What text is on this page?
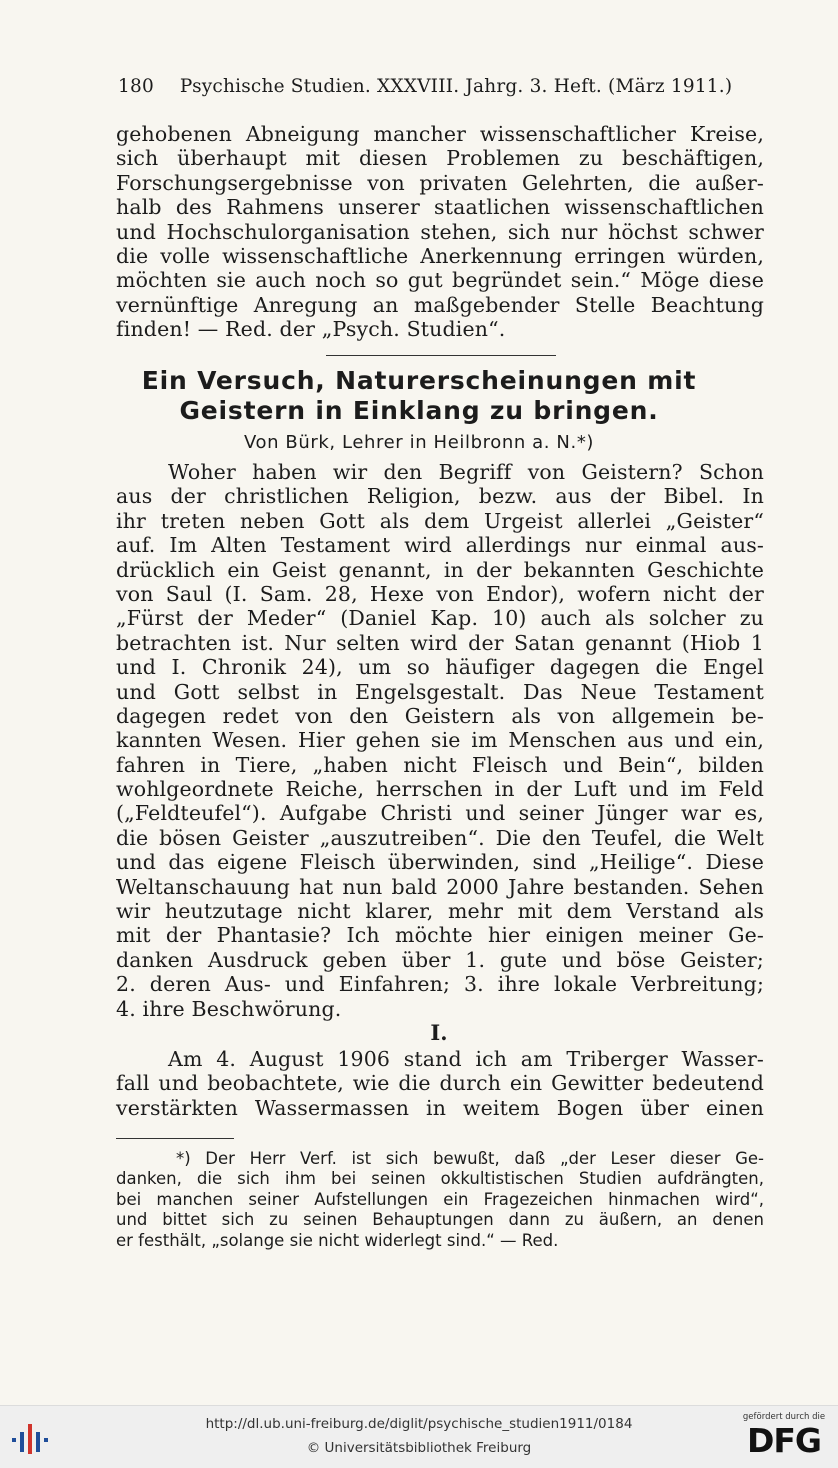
180 Psychische Studien. XXXVIII. Jahrg. 3. Heft. (März 1911.)
gehobenen Abneigung mancher wissenschaftlicher Kreise,
sich überhaupt mit diesen Problemen zu beschäftigen,
Forschungsergebnisse von privaten Gelehrten, die außer-
halb des Rahmens unserer staatlichen wissenschaftlichen
und Hochschulorganisation stehen, sich nur höchst schwer
die volle wissenschaftliche Anerkennung erringen würden,
möchten sie auch noch so gut begründet sein.“ Möge diese
vernünftige Anregung an maßgebender Stelle Beachtung
finden! — Red. der „Psych. Studien“.
Ein Versuch, Naturerscheinungen mit
Geistern in Einklang zu bringen.
Von Bürk, Lehrer in Heilbronn a. N.*)
Woher haben wir den Begriff von Geistern? Schon
aus der christlichen Religion, bezw. aus der Bibel. In
ihr treten neben Gott als dem Urgeist allerlei „Geister“
auf. Im Alten Testament wird allerdings nur einmal aus-
drücklich ein Geist genannt, in der bekannten Geschichte
von Saul (I. Sam. 28, Hexe von Endor), wofern nicht der
„Fürst der Meder“ (Daniel Kap. 10) auch als solcher zu
betrachten ist. Nur selten wird der Satan genannt (Hiob 1
und I. Chronik 24), um so häufiger dagegen die Engel
und Gott selbst in Engelsgestalt. Das Neue Testament
dagegen redet von den Geistern als von allgemein be-
kannten Wesen. Hier gehen sie im Menschen aus und ein,
fahren in Tiere, „haben nicht Fleisch und Bein“, bilden
wohlgeordnete Reiche, herrschen in der Luft und im Feld
(„Feldteufel“). Aufgabe Christi und seiner Jünger war es,
die bösen Geister „auszutreiben“. Die den Teufel, die Welt
und das eigene Fleisch überwinden, sind „Heilige“. Diese
Weltanschauung hat nun bald 2000 Jahre bestanden. Sehen
wir heutzutage nicht klarer, mehr mit dem Verstand als
mit der Phantasie? Ich möchte hier einigen meiner Ge-
danken Ausdruck geben über 1. gute und böse Geister;
2. deren Aus- und Einfahren; 3. ihre lokale Verbreitung;
4. ihre Beschwörung.
I.
Am 4. August 1906 stand ich am Triberger Wasser-
fall und beobachtete, wie die durch ein Gewitter bedeutend
verstärkten Wassermassen in weitem Bogen über einen
*) Der Herr Verf. ist sich bewußt, daß „der Leser dieser Ge-
danken, die sich ihm bei seinen okkultistischen Studien aufdrängten,
bei manchen seiner Aufstellungen ein Fragezeichen hinmachen wird“,
und bittet sich zu seinen Behauptungen dann zu äußern, an denen
er festhält, „solange sie nicht widerlegt sind.“ — Red.
http://dl.ub.uni-freiburg.de/diglit/psychische_studien1911/0184
© Universitätsbibliothek Freiburg
gefördert durch die
DFG
